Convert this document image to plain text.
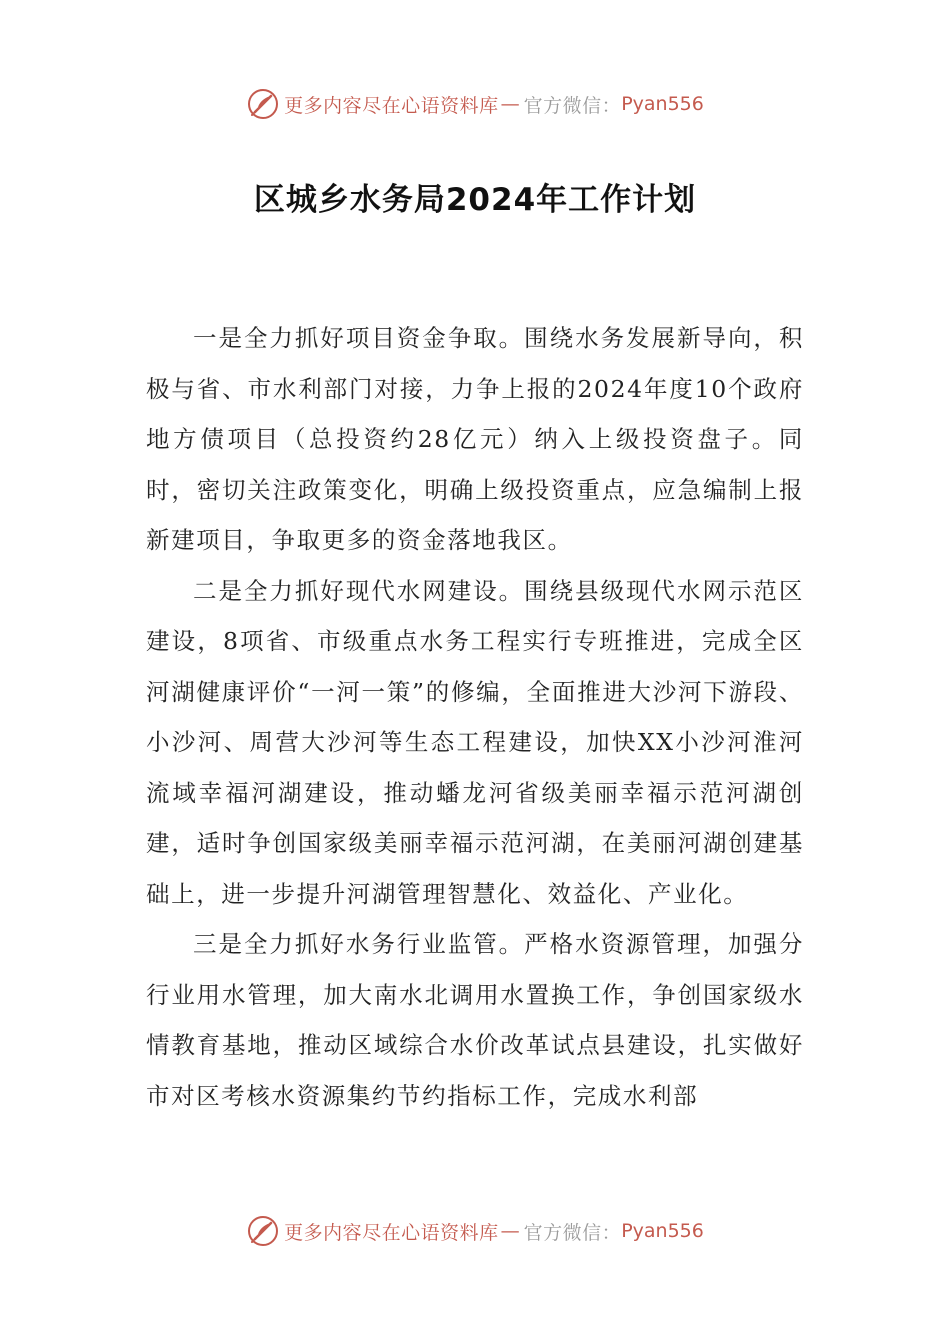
更多内容尽在心语资料库 — 官方微信： Pyan556
区城乡水务局2024年工作计划

一是全力抓好项目资金争取。围绕水务发展新导向，积极与省、市水利部门对接，力争上报的2024年度10个政府地方债项目（总投资约28亿元）纳入上级投资盘子。同时，密切关注政策变化，明确上级投资重点，应急编制上报新建项目，争取更多的资金落地我区。

二是全力抓好现代水网建设。围绕县级现代水网示范区建设，8项省、市级重点水务工程实行专班推进，完成全区河湖健康评价“一河一策”的修编，全面推进大沙河下游段、小沙河、周营大沙河等生态工程建设，加快XX小沙河淮河流域幸福河湖建设，推动蟠龙河省级美丽幸福示范河湖创建，适时争创国家级美丽幸福示范河湖，在美丽河湖创建基础上，进一步提升河湖管理智慧化、效益化、产业化。

三是全力抓好水务行业监管。严格水资源管理，加强分行业用水管理，加大南水北调用水置换工作，争创国家级水情教育基地，推动区域综合水价改革试点县建设，扎实做好市对区考核水资源集约节约指标工作，完成水利部

更多内容尽在心语资料库 — 官方微信： Pyan556
